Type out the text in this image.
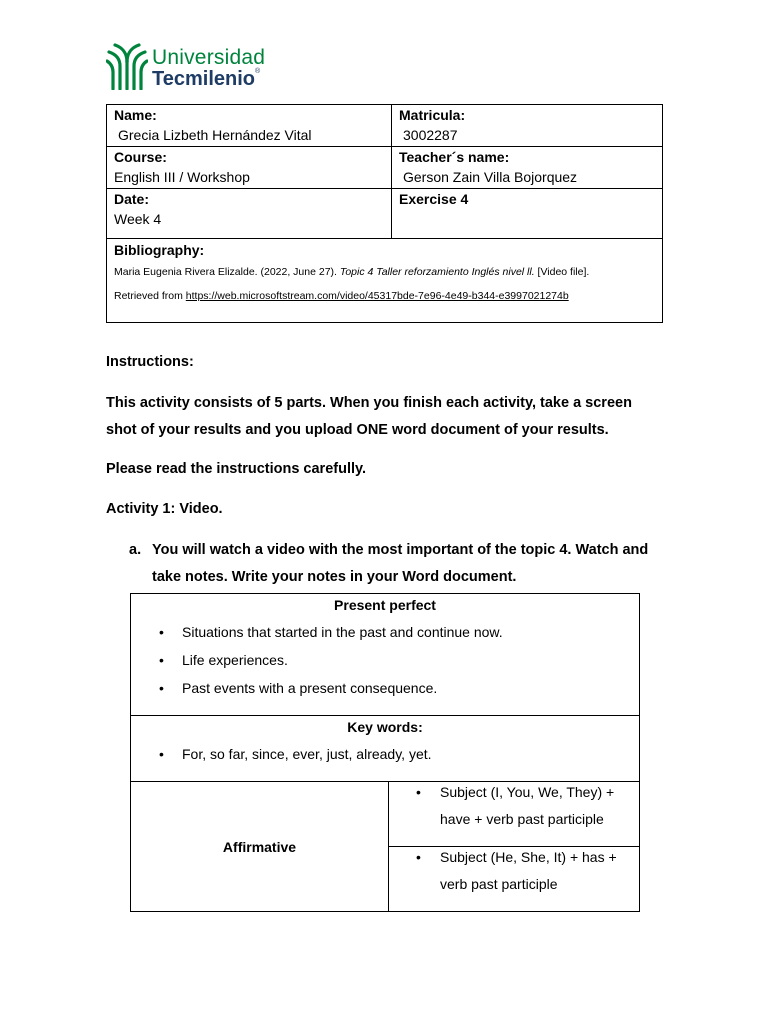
Universidad
Tecmilenio®
Name:
Grecia Lizbeth Hernández Vital	Matricula:
3002287

Course:
English III / Workshop	Teacher´s name:
Gerson Zain Villa Bojorquez

Date:
Week 4	Exercise 4

Bibliography:
Maria Eugenia Rivera Elizalde. (2022, June 27). Topic 4 Taller reforzamiento Inglés nivel ll. [Video file].
Retrieved from https://web.microsoftstream.com/video/45317bde-7e96-4e49-b344-e3997021274b	

Instructions:

This activity consists of 5 parts. When you finish each activity, take a screen shot of your results and you upload ONE word document of your results.

Please read the instructions carefully.

Activity 1: Video.

a. You will watch a video with the most important of the topic 4. Watch and take notes. Write your notes in your Word document.
Present perfect
• Situations that started in the past and continue now.
• Life experiences.
• Past events with a present consequence.

Key words:
• For, so far, since, ever, just, already, yet.

Affirmative	
• Subject (I, You, We, They) + have + verb past participle

• Subject (He, She, It) + has + verb past participle
